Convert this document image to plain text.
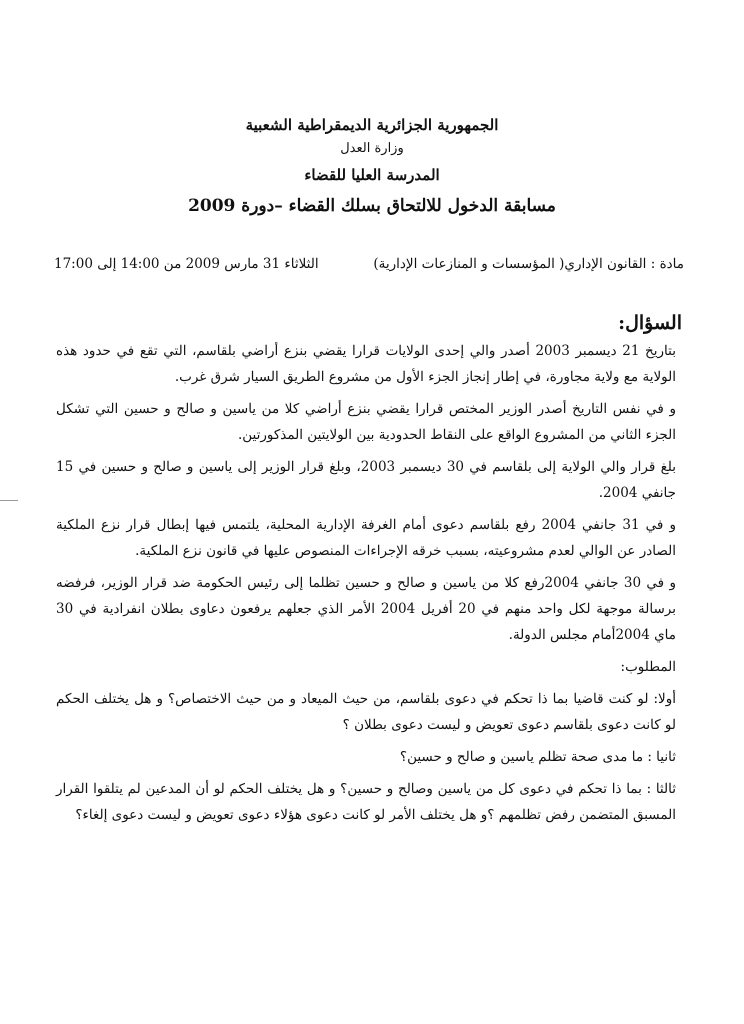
الجمهورية الجزائرية الديمقراطية الشعبية
وزارة العدل
المدرسة العليا للقضاء
مسابقة الدخول للالتحاق بسلك القضاء –دورة 2009
مادة : القانون الإداري( المؤسسات و المنازعات الإدارية)
الثلاثاء 31 مارس 2009 من 14:00 إلى 17:00
السؤال:

بتاريخ 21 ديسمبر 2003 أصدر والي إحدى الولايات قرارا يقضي بنزع أراضي بلقاسم، التي تقع في حدود هذه الولاية مع ولاية مجاورة، في إطار إنجاز الجزء الأول من مشروع الطريق السيار شرق غرب.

و في نفس التاريخ أصدر الوزير المختص قرارا يقضي بنزع أراضي كلا من ياسين و صالح و حسين التي تشكل الجزء الثاني من المشروع الواقع على النقاط الحدودية بين الولايتين المذكورتين.

بلغ قرار والي الولاية إلى بلقاسم في 30 ديسمبر 2003، وبلغ قرار الوزير إلى ياسين و صالح و حسين في 15 جانفي 2004.

و في 31 جانفي 2004 رفع بلقاسم دعوى أمام الغرفة الإدارية المحلية، يلتمس فيها إبطال قرار نزع الملكية الصادر عن الوالي لعدم مشروعيته، بسبب خرقه الإجراءات المنصوص عليها في قانون نزع الملكية.

و في 30 جانفي 2004رفع كلا من ياسين و صالح و حسين تظلما إلى رئيس الحكومة ضد قرار الوزير، فرفضه برسالة موجهة لكل واحد منهم في 20 أفريل 2004 الأمر الذي جعلهم يرفعون دعاوى بطلان انفرادية في 30 ماي 2004أمام مجلس الدولة.

المطلوب:

أولا: لو كنت قاضيا بما ذا تحكم في دعوى بلقاسم، من حيث الميعاد و من حيث الاختصاص؟ و هل يختلف الحكم لو كانت دعوى بلقاسم دعوى تعويض و ليست دعوى بطلان ؟

ثانيا : ما مدى صحة تظلم ياسين و صالح و حسين؟

ثالثا : بما ذا تحكم في دعوى كل من ياسين وصالح و حسين؟ و هل يختلف الحكم لو أن المدعين لم يتلقوا القرار المسبق المتضمن رفض تظلمهم ؟و هل يختلف الأمر لو كانت دعوى هؤلاء دعوى تعويض و ليست دعوى إلغاء؟
